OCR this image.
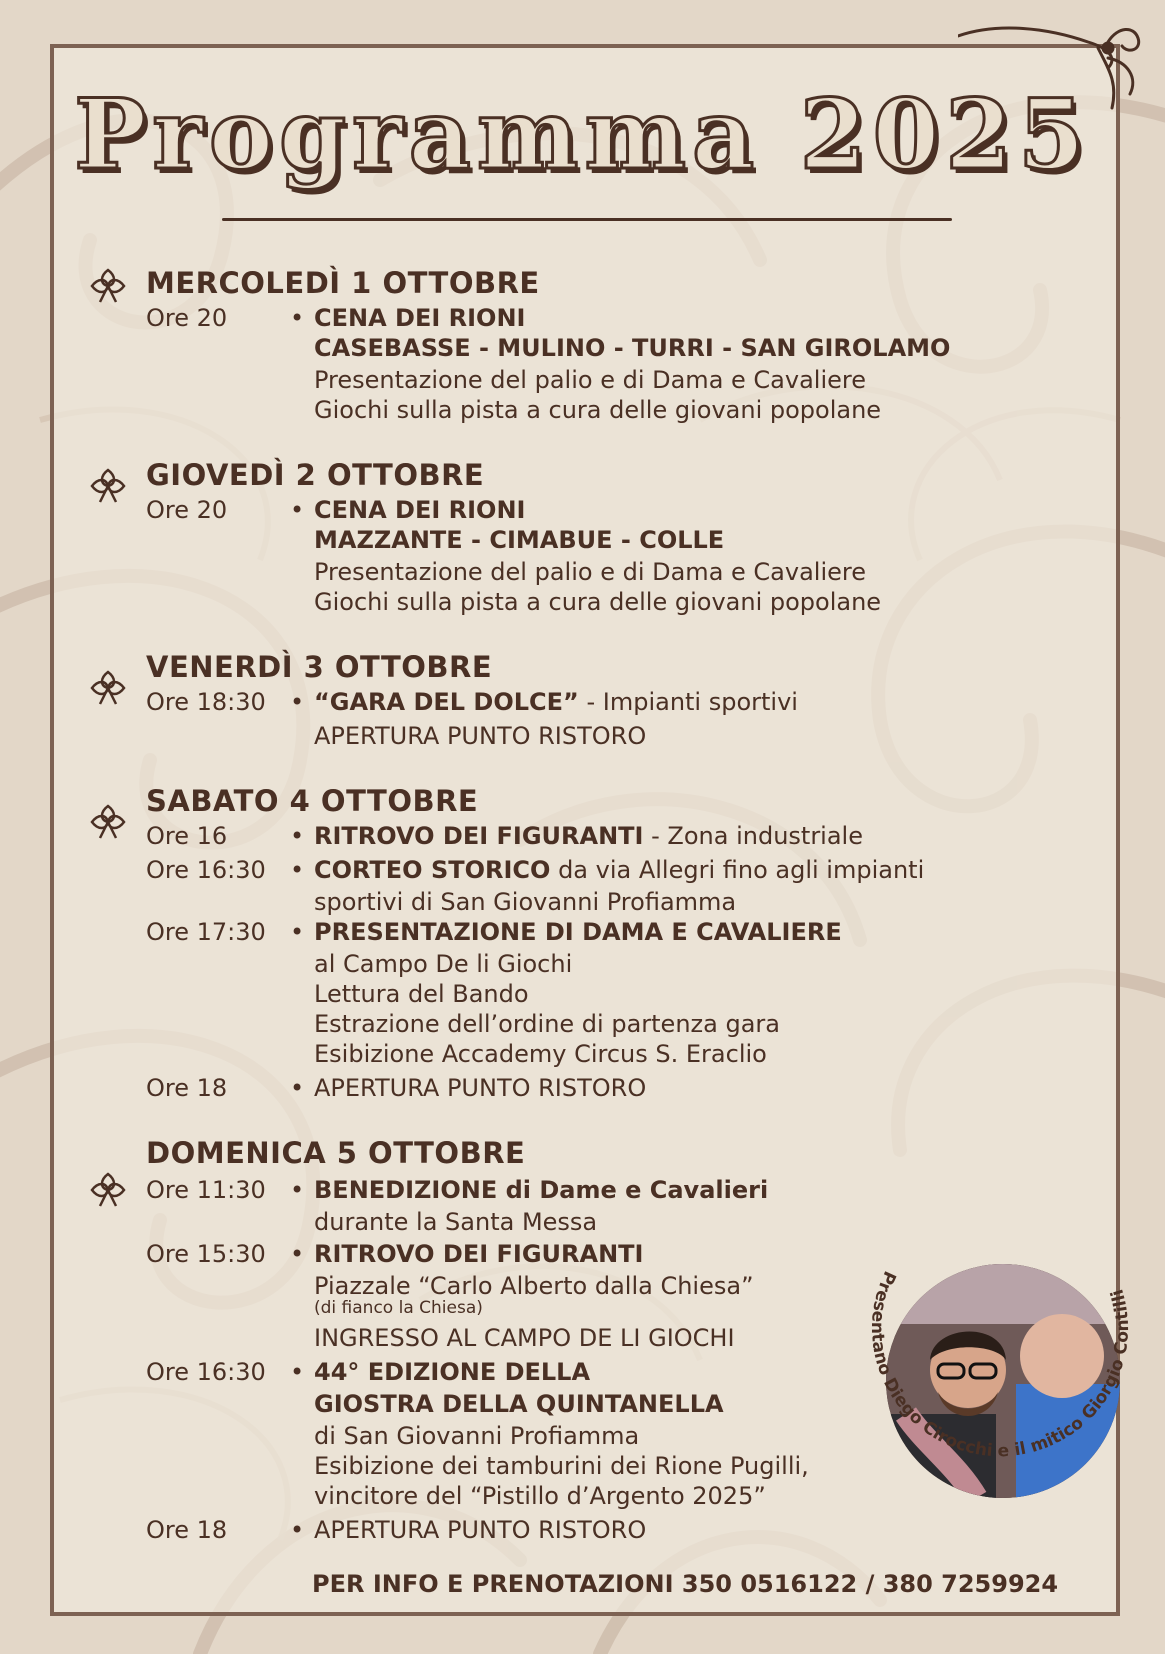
Programma 2025
MERCOLEDÌ 1 OTTOBRE
Ore 20	• CENA DEI RIONI
CASEBASSE - MULINO - TURRI - SAN GIROLAMO
Presentazione del palio e di Dama e Cavaliere
Giochi sulla pista a cura delle giovani popolane
GIOVEDÌ 2 OTTOBRE
Ore 20	• CENA DEI RIONI
MAZZANTE - CIMABUE - COLLE
Presentazione del palio e di Dama e Cavaliere
Giochi sulla pista a cura delle giovani popolane
VENERDÌ 3 OTTOBRE
Ore 18:30 • “GARA DEL DOLCE” - Impianti sportivi
APERTURA PUNTO RISTORO
SABATO 4 OTTOBRE
Ore 16	• RITROVO DEI FIGURANTI - Zona industriale
Ore 16:30 • CORTEO STORICO da via Allegri fino agli impianti
sportivi di San Giovanni Profiamma
Ore 17:30 • PRESENTAZIONE DI DAMA E CAVALIERE
al Campo De li Giochi
Lettura del Bando
Estrazione dell’ordine di partenza gara
Esibizione Accademy Circus S. Eraclio
Ore 18	• APERTURA PUNTO RISTORO
DOMENICA 5 OTTOBRE
Ore 11:30 • BENEDIZIONE di Dame e Cavalieri
durante la Santa Messa
Ore 15:30 • RITROVO DEI FIGURANTI
Piazzale “Carlo Alberto dalla Chiesa”
(di fianco la Chiesa)
INGRESSO AL CAMPO DE LI GIOCHI
Ore 16:30 • 44° EDIZIONE DELLA
GIOSTRA DELLA QUINTANELLA
di San Giovanni Profiamma
Esibizione dei tamburini dei Rione Pugilli,
vincitore del “Pistillo d’Argento 2025”
Ore 18	• APERTURA PUNTO RISTORO
Presentano Diego Cirocchi e il mitico Giorgio Contilli
PER INFO E PRENOTAZIONI 350 0516122 / 380 7259924
